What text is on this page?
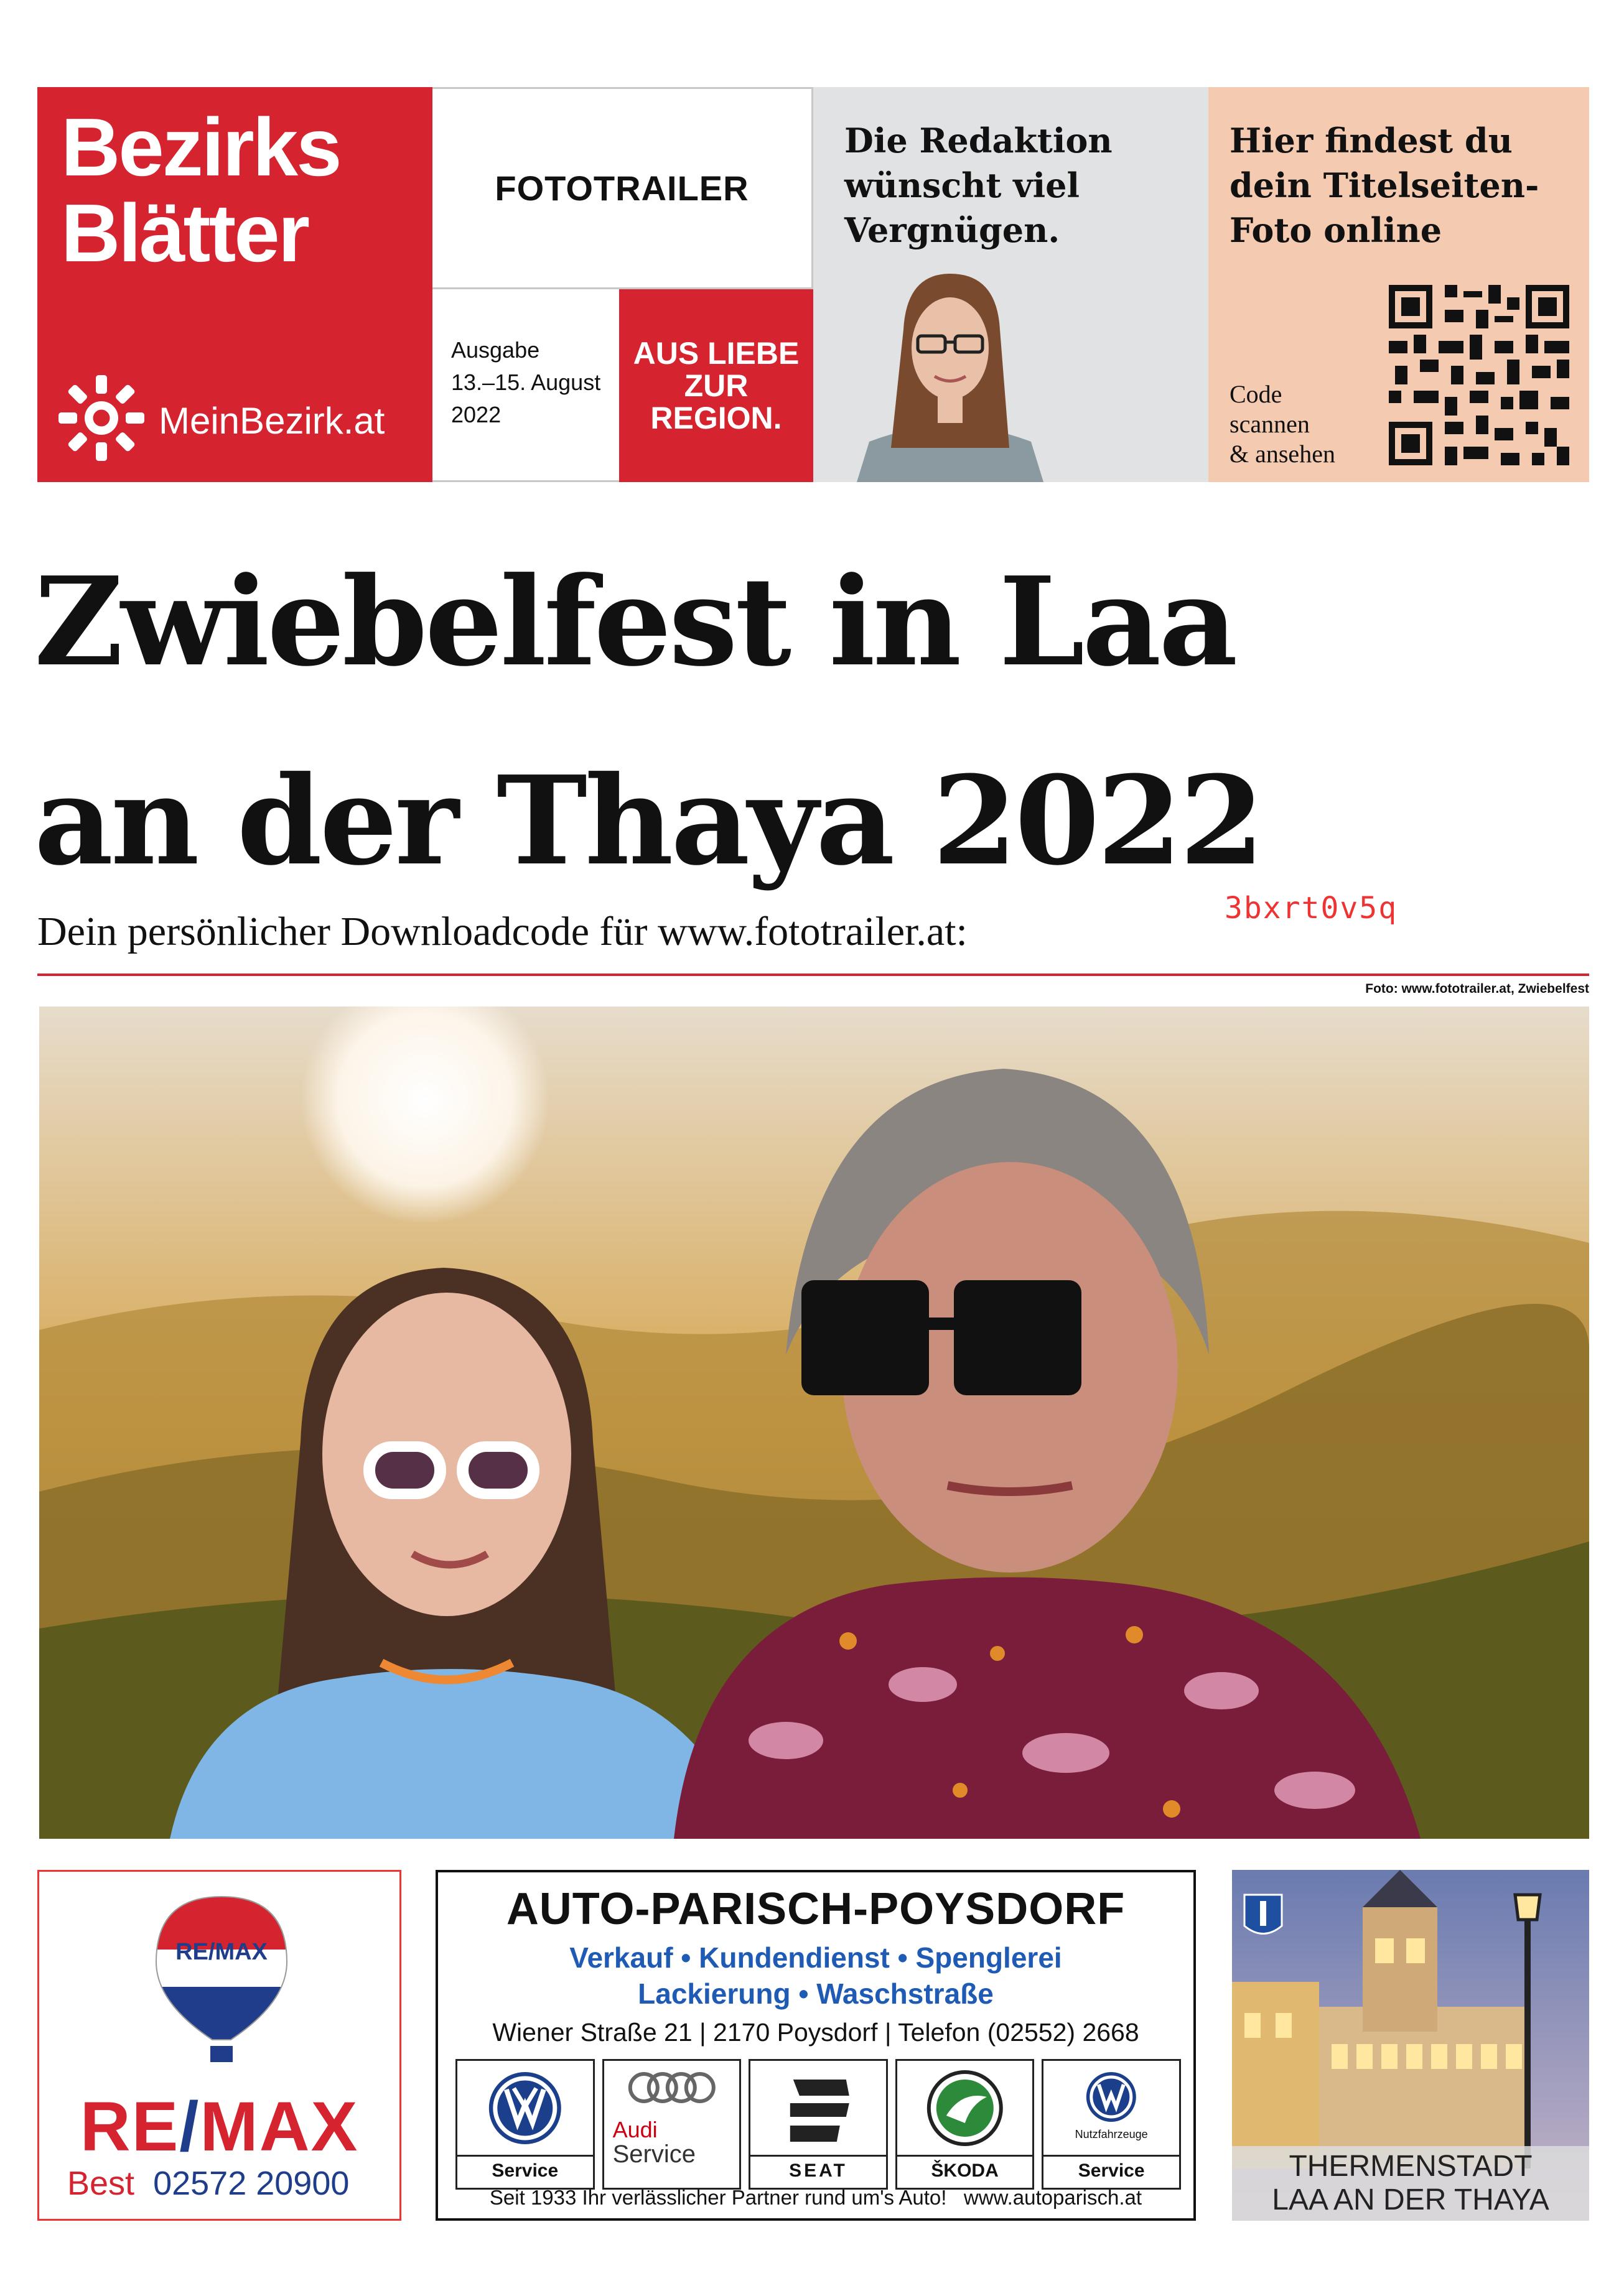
Bezirks
Blätter
MeinBezirk.at
FOTOTRAILER
Ausgabe
13.–15. August
2022
AUS LIEBE
ZUR
REGION.
Die Redaktion
wünscht viel
Vergnügen.
Hier findest du
dein Titelseiten-
Foto online
Code
scannen
& ansehen
Zwiebelfest in Laa
an der Thaya 2022
Dein persönlicher Downloadcode für www.fototrailer.at:
3bxrt0v5q
Foto: www.fototrailer.at, Zwiebelfest
RE/MAX
RE/MAX
Best 02572 20900
AUTO-PARISCH-POYSDORF
Verkauf • Kundendienst • Spenglerei
Lackierung • Waschstraße
Wiener Straße 21 | 2170 Poysdorf | Telefon (02552) 2668
Service
Audi
Service
SEAT	ŠKODA
Nutzfahrzeuge
Service
Seit 1933 Ihr verlässlicher Partner rund um's Auto!   www.autoparisch.at
THERMENSTADT
LAA AN DER THAYA
